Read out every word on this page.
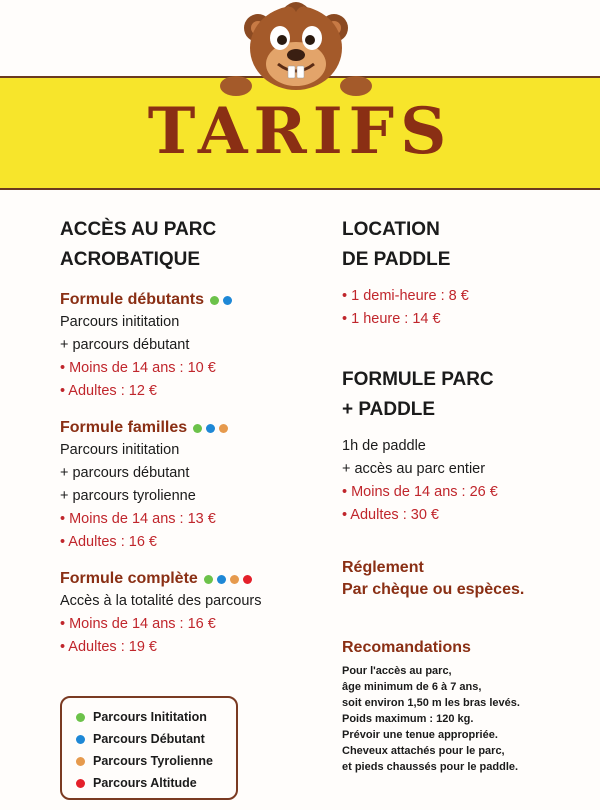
TARIFS
ACCÈS AU PARC
ACROBATIQUE
Formule débutants
Parcours inititation
+ parcours débutant
• Moins de 14 ans : 10 €
• Adultes : 12 €
Formule familles
Parcours inititation
+ parcours débutant
+ parcours tyrolienne
• Moins de 14 ans : 13 €
• Adultes : 16 €
Formule complète
Accès à la totalité des parcours
• Moins de 14 ans : 16 €
• Adultes : 19 €
Parcours Inititation
Parcours Débutant
Parcours Tyrolienne
Parcours Altitude
LOCATION
DE PADDLE
• 1 demi-heure : 8 €
• 1 heure : 14 €
FORMULE PARC
+ PADDLE
1h de paddle
+ accès au parc entier
• Moins de 14 ans : 26 €
• Adultes : 30 €
Réglement
Par chèque ou espèces.
Recomandations
Pour l'accès au parc,
âge minimum de 6 à 7 ans,
soit environ 1,50 m les bras levés.
Poids maximum : 120 kg.
Prévoir une tenue appropriée.
Cheveux attachés pour le parc,
et pieds chaussés pour le paddle.
